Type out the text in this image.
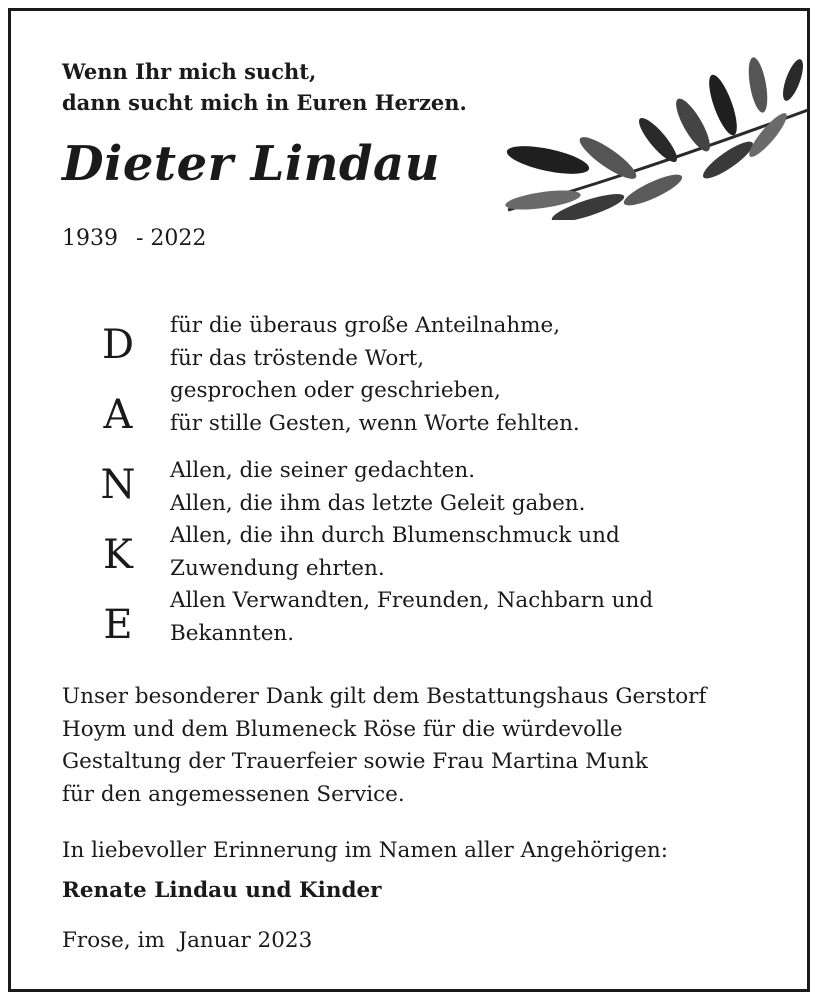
Wenn Ihr mich sucht,
dann sucht mich in Euren Herzen.
Dieter Lindau
1939 - 2022
D
A
N
K
E
für die überaus große Anteilnahme,
für das tröstende Wort,
gesprochen oder geschrieben,
für stille Gesten, wenn Worte fehlten.
Allen, die seiner gedachten.
Allen, die ihm das letzte Geleit gaben.
Allen, die ihn durch Blumenschmuck und
Zuwendung ehrten.
Allen Verwandten, Freunden, Nachbarn und
Bekannten.
Unser besonderer Dank gilt dem Bestattungshaus Gerstorf
Hoym und dem Blumeneck Röse für die würdevolle
Gestaltung der Trauerfeier sowie Frau Martina Munk
für den angemessenen Service.
In liebevoller Erinnerung im Namen aller Angehörigen:
Renate Lindau und Kinder
Frose, im  Januar 2023
